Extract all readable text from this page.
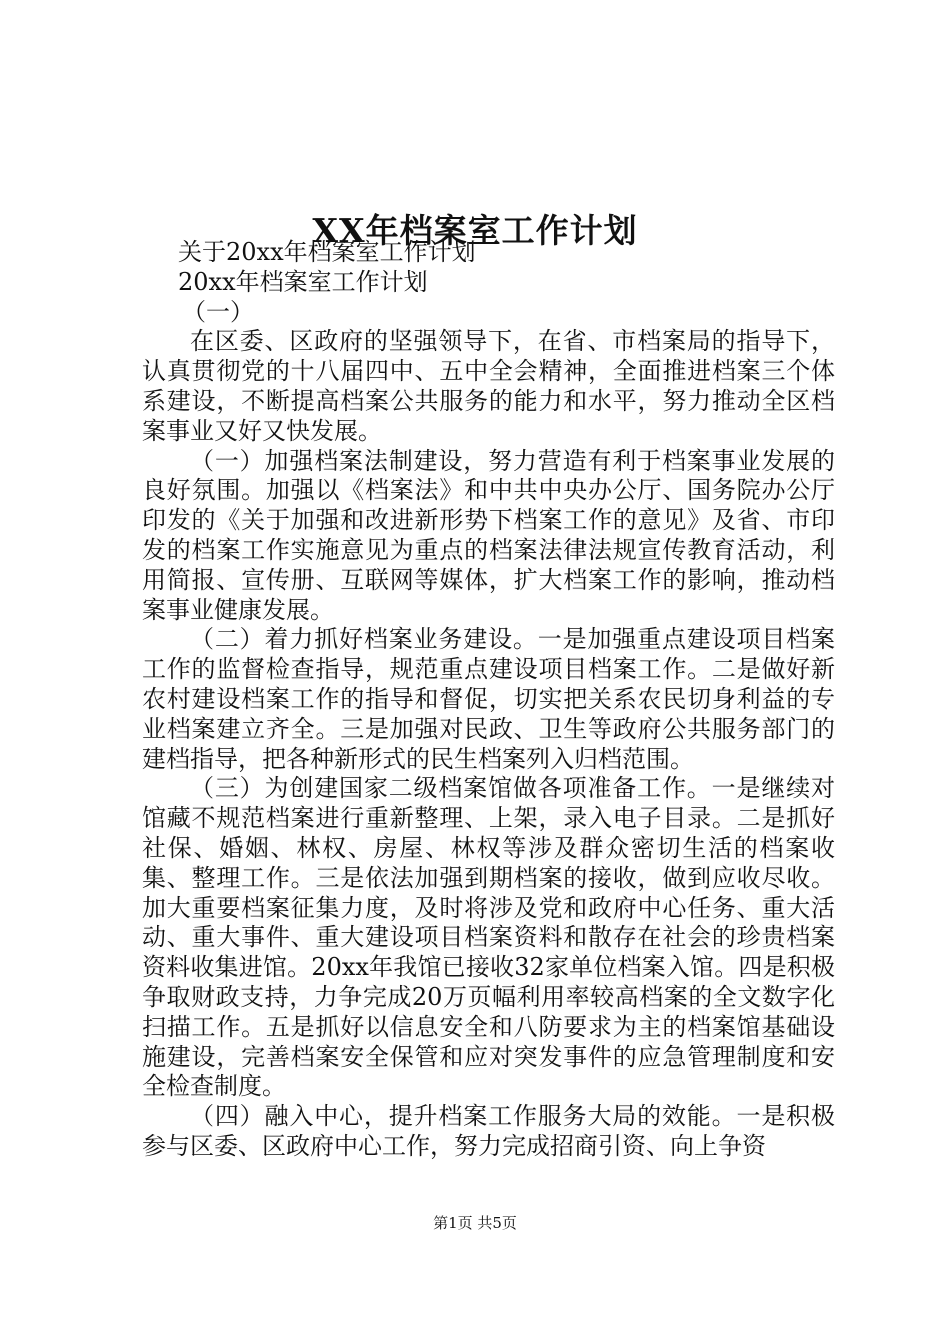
XX年档案室工作计划

关于20xx年档案室工作计划

20xx年档案室工作计划

（一）

在区委、区政府的坚强领导下，在省、市档案局的指导下，认真贯彻党的十八届四中、五中全会精神，全面推进档案三个体系建设，不断提高档案公共服务的能力和水平，努力推动全区档案事业又好又快发展。

（一）加强档案法制建设，努力营造有利于档案事业发展的良好氛围。加强以《档案法》和中共中央办公厅、国务院办公厅印发的《关于加强和改进新形势下档案工作的意见》及省、市印发的档案工作实施意见为重点的档案法律法规宣传教育活动，利用简报、宣传册、互联网等媒体，扩大档案工作的影响，推动档案事业健康发展。

（二）着力抓好档案业务建设。一是加强重点建设项目档案工作的监督检查指导，规范重点建设项目档案工作。二是做好新农村建设档案工作的指导和督促，切实把关系农民切身利益的专业档案建立齐全。三是加强对民政、卫生等政府公共服务部门的建档指导，把各种新形式的民生档案列入归档范围。

（三）为创建国家二级档案馆做各项准备工作。一是继续对馆藏不规范档案进行重新整理、上架，录入电子目录。二是抓好社保、婚姻、林权、房屋、林权等涉及群众密切生活的档案收集、整理工作。三是依法加强到期档案的接收，做到应收尽收。加大重要档案征集力度，及时将涉及党和政府中心任务、重大活动、重大事件、重大建设项目档案资料和散存在社会的珍贵档案资料收集进馆。20xx年我馆已接收32家单位档案入馆。四是积极争取财政支持，力争完成20万页幅利用率较高档案的全文数字化扫描工作。五是抓好以信息安全和八防要求为主的档案馆基础设施建设，完善档案安全保管和应对突发事件的应急管理制度和安全检查制度。

（四）融入中心，提升档案工作服务大局的效能。一是积极参与区委、区政府中心工作，努力完成招商引资、向上争资

第1页 共5页
